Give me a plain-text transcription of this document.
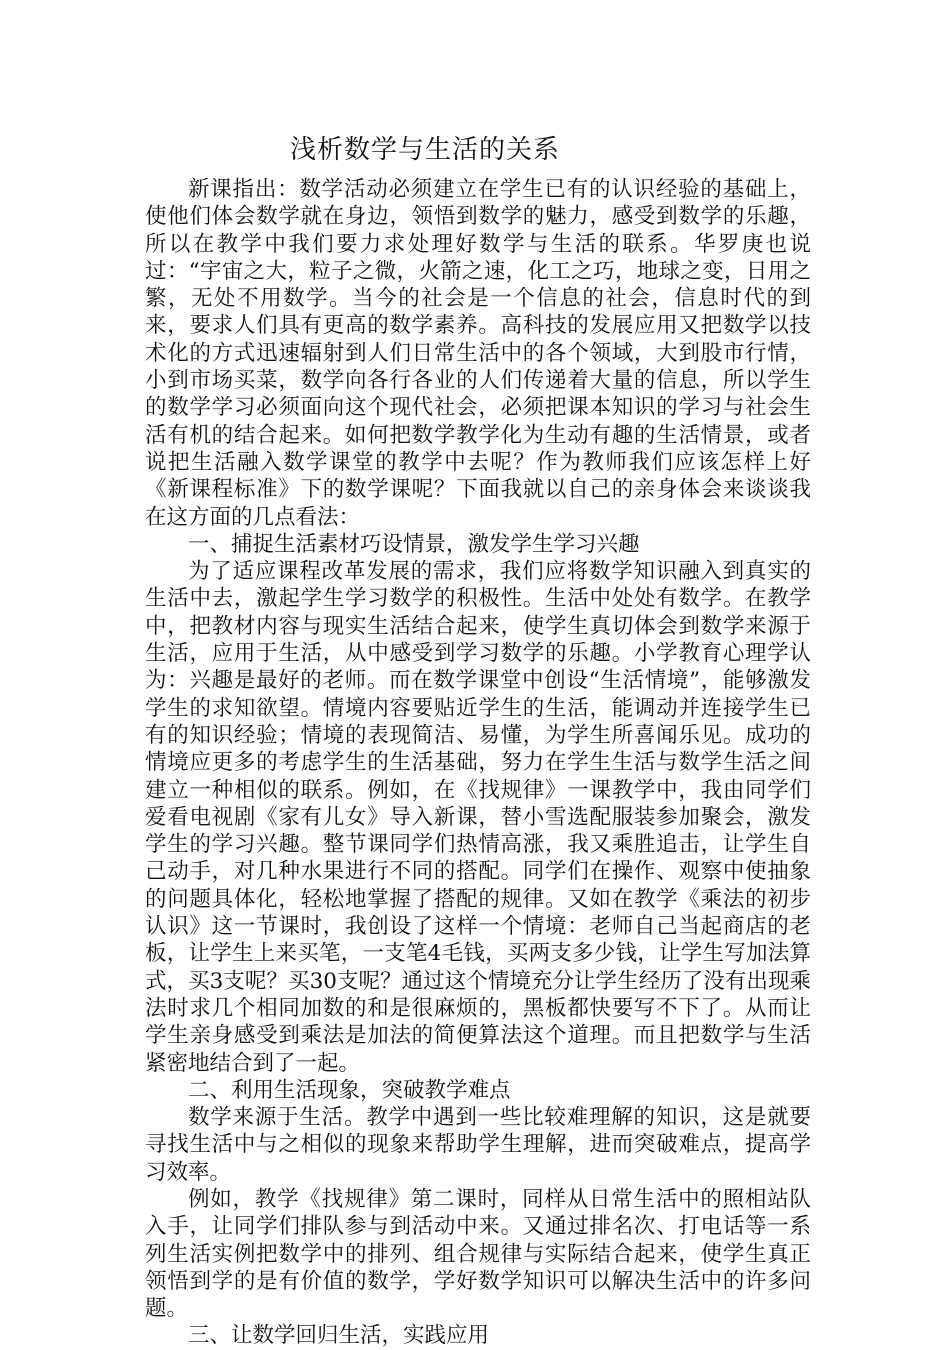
浅析数学与生活的关系

新课指出：数学活动必须建立在学生已有的认识经验的基础上，使他们体会数学就在身边，领悟到数学的魅力，感受到数学的乐趣，所以在教学中我们要力求处理好数学与生活的联系。华罗庚也说过：“宇宙之大，粒子之微，火箭之速，化工之巧，地球之变，日用之繁，无处不用数学。当今的社会是一个信息的社会，信息时代的到来，要求人们具有更高的数学素养。高科技的发展应用又把数学以技术化的方式迅速辐射到人们日常生活中的各个领域，大到股市行情，小到市场买菜，数学向各行各业的人们传递着大量的信息，所以学生的数学学习必须面向这个现代社会，必须把课本知识的学习与社会生活有机的结合起来。如何把数学教学化为生动有趣的生活情景，或者说把生活融入数学课堂的教学中去呢？作为教师我们应该怎样上好《新课程标准》下的数学课呢？下面我就以自己的亲身体会来谈谈我在这方面的几点看法：

一、捕捉生活素材巧设情景，激发学生学习兴趣

为了适应课程改革发展的需求，我们应将数学知识融入到真实的生活中去，激起学生学习数学的积极性。生活中处处有数学。在教学中，把教材内容与现实生活结合起来，使学生真切体会到数学来源于生活，应用于生活，从中感受到学习数学的乐趣。小学教育心理学认为：兴趣是最好的老师。而在数学课堂中创设“生活情境”，能够激发学生的求知欲望。情境内容要贴近学生的生活，能调动并连接学生已有的知识经验；情境的表现简洁、易懂，为学生所喜闻乐见。成功的情境应更多的考虑学生的生活基础，努力在学生生活与数学生活之间建立一种相似的联系。例如，在《找规律》一课教学中，我由同学们爱看电视剧《家有儿女》导入新课，替小雪选配服装参加聚会，激发学生的学习兴趣。整节课同学们热情高涨，我又乘胜追击，让学生自己动手，对几种水果进行不同的搭配。同学们在操作、观察中使抽象的问题具体化，轻松地掌握了搭配的规律。又如在教学《乘法的初步认识》这一节课时，我创设了这样一个情境：老师自己当起商店的老板，让学生上来买笔，一支笔4毛钱，买两支多少钱，让学生写加法算式，买3支呢？买30支呢？通过这个情境充分让学生经历了没有出现乘法时求几个相同加数的和是很麻烦的，黑板都快要写不下了。从而让学生亲身感受到乘法是加法的简便算法这个道理。而且把数学与生活紧密地结合到了一起。

二、利用生活现象，突破教学难点

数学来源于生活。教学中遇到一些比较难理解的知识，这是就要寻找生活中与之相似的现象来帮助学生理解，进而突破难点，提高学习效率。

例如，教学《找规律》第二课时，同样从日常生活中的照相站队入手，让同学们排队参与到活动中来。又通过排名次、打电话等一系列生活实例把数学中的排列、组合规律与实际结合起来，使学生真正领悟到学的是有价值的数学，学好数学知识可以解决生活中的许多问题。

三、让数学回归生活，实践应用
